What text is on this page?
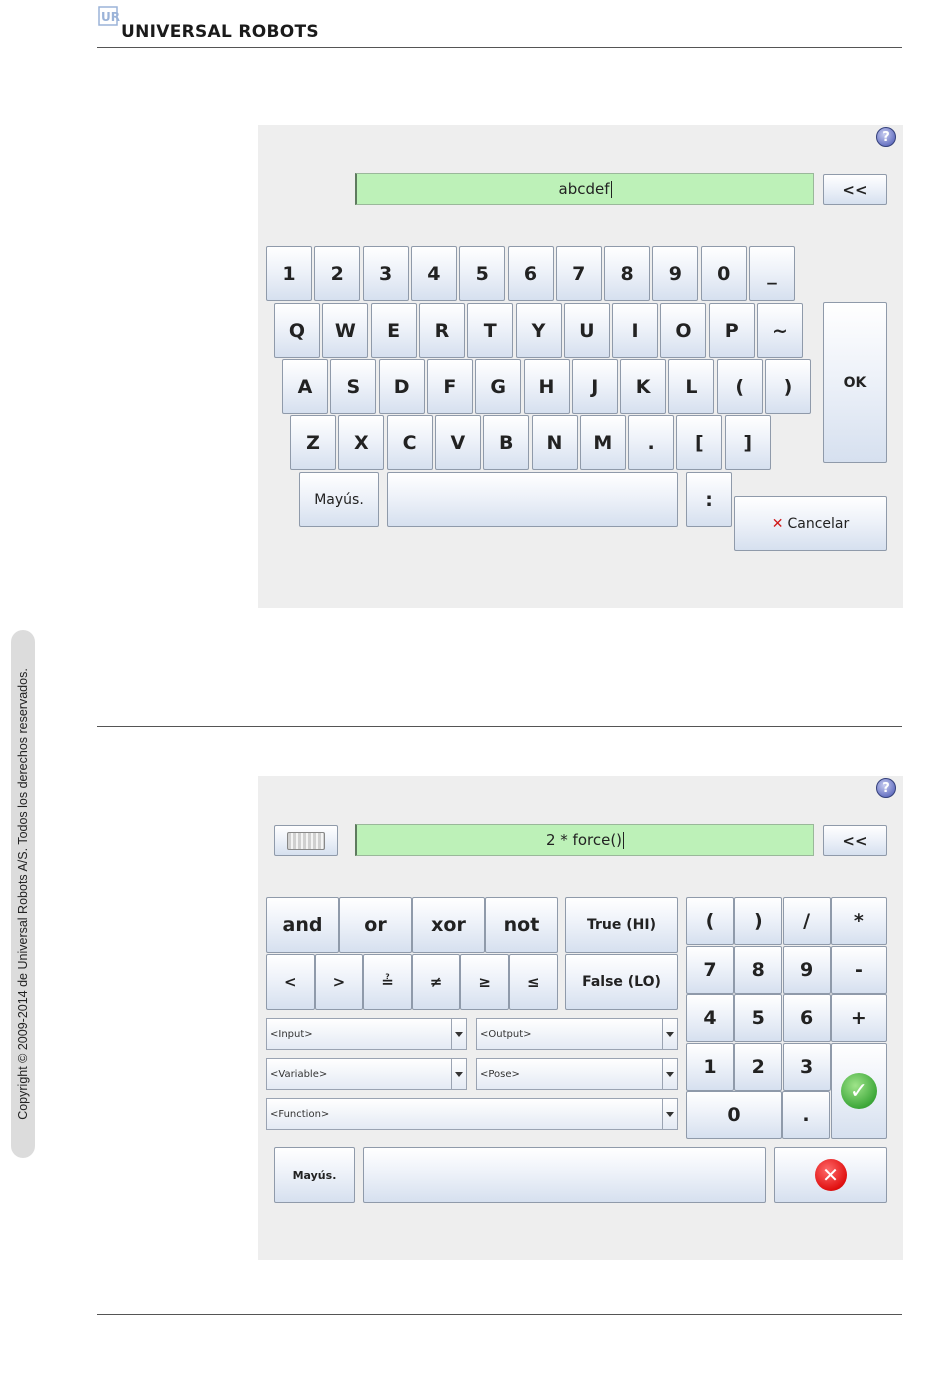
UR
UNIVERSAL ROBOTS
Copyright © 2009-2014 de Universal Robots A/S. Todos los derechos reservados.
?
abcdef	<<
1	2	3	4	5	6	7	8	9	0	_
Q	W	E	R	T	Y	U	I	O	P	~
A	S	D	F	G	H	J	K	L	(	)
Z	X	C	V	B	N	M	.	[	]
Mayús.	:
OK
✕ Cancelar
?
2 * force()	<<
and	or	xor	not
<	>	≟	≠	≥	≤
True (HI)
False (LO)
(	)	/	*
7	8	9	-
4	5	6	+
1	2	3
0	.
✓
<Input>	<Output>
<Variable>	<Pose>
<Function>
Mayús.	✕
